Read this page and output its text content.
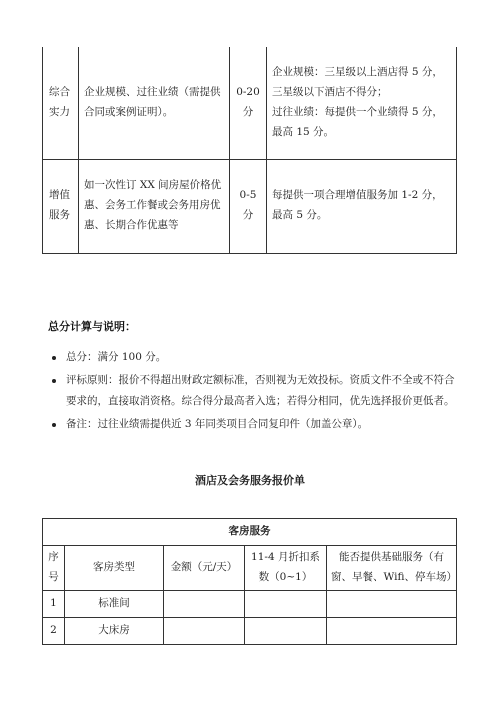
综合实力	企业规模、过往业绩（需提供合同或案例证明）。	0-20分	企业规模：三星级以上酒店得 5 分，三星级以下酒店不得分；
过往业绩：每提供一个业绩得 5 分，最高 15 分。

增值服务	如一次性订 XX 间房屋价格优惠、会务工作餐或会务用房优惠、长期合作优惠等	0-5分	每提供一项合理增值服务加 1-2 分，最高 5 分。
总分计算与说明：
总分：满分 100 分。
评标原则：报价不得超出财政定额标准，否则视为无效投标。资质文件不全或不符合要求的，直接取消资格。综合得分最高者入选；若得分相同，优先选择报价更低者。
备注：过往业绩需提供近 3 年同类项目合同复印件（加盖公章）。
酒店及会务服务报价单
客房服务				
序号	客房类型	金额（元/天）	11-4 月折扣系数（0~1）	能否提供基础服务（有窗、早餐、Wifi、停车场）
1	标准间			
2	大床房			
